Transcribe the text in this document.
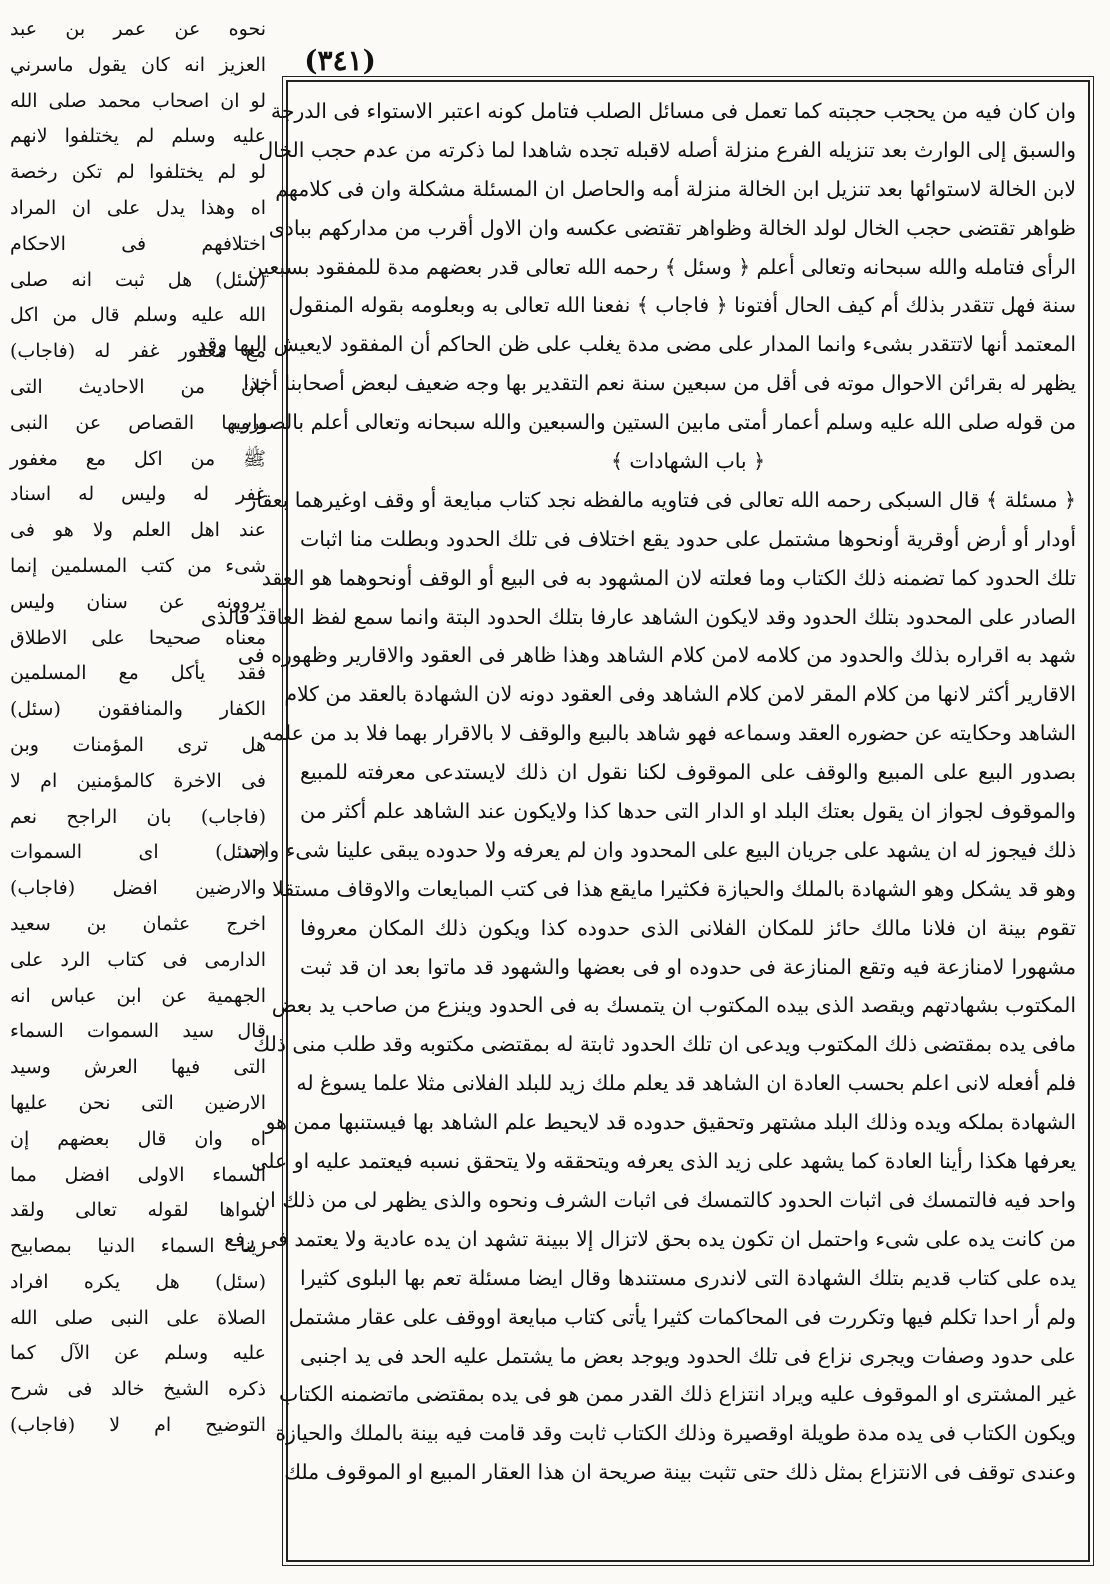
(٣٤١)
وان كان فيه من يحجب حجبته كما تعمل فى مسائل الصلب فتامل كونه اعتبر الاستواء فى الدرجة
والسبق إلى الوارث بعد تنزيله الفرع منزلة أصله لاقبله تجده شاهدا لما ذكرته من عدم حجب الخال
لابن الخالة لاستوائها بعد تنزيل ابن الخالة منزلة أمه والحاصل ان المسئلة مشكلة وان فى كلامهم
ظواهر تقتضى حجب الخال لولد الخالة وظواهر تقتضى عكسه وان الاول أقرب من مداركهم ببادى
الرأى فتامله والله سبحانه وتعالى أعلم ﴿ وسئل ﴾ رحمه الله تعالى قدر بعضهم مدة للمفقود بسبعين
سنة فهل تتقدر بذلك أم كيف الحال أفتونا ﴿ فاجاب ﴾ نفعنا الله تعالى به وبعلومه بقوله المنقول
المعتمد أنها لاتتقدر بشىء وانما المدار على مضى مدة يغلب على ظن الحاكم أن المفقود لايعيش اليها وقد
يظهر له بقرائن الاحوال موته فى أقل من سبعين سنة نعم التقدير بها وجه ضعيف لبعض أصحابنا أخذا
من قوله صلى الله عليه وسلم أعمار أمتى مابين الستين والسبعين والله سبحانه وتعالى أعلم بالصواب
﴿ باب الشهادات ﴾
﴿ مسئلة ﴾ قال السبكى رحمه الله تعالى فى فتاويه مالفظه نجد كتاب مبايعة أو وقف اوغيرهما بعقار
أودار أو أرض أوقرية أونحوها مشتمل على حدود يقع اختلاف فى تلك الحدود وبطلت منا اثبات
تلك الحدود كما تضمنه ذلك الكتاب وما فعلته لان المشهود به فى البيع أو الوقف أونحوهما هو العقد
الصادر على المحدود بتلك الحدود وقد لايكون الشاهد عارفا بتلك الحدود البتة وانما سمع لفظ العاقد فالذى
شهد به اقراره بذلك والحدود من كلامه لامن كلام الشاهد وهذا ظاهر فى العقود والاقارير وظهوره فى
الاقارير أكثر لانها من كلام المقر لامن كلام الشاهد وفى العقود دونه لان الشهادة بالعقد من كلام
الشاهد وحكايته عن حضوره العقد وسماعه فهو شاهد بالبيع والوقف لا بالاقرار بهما فلا بد من علمه
بصدور البيع على المبيع والوقف على الموقوف لكنا نقول ان ذلك لايستدعى معرفته للمبيع
والموقوف لجواز ان يقول بعتك البلد او الدار التى حدها كذا ولايكون عند الشاهد علم أكثر من
ذلك فيجوز له ان يشهد على جريان البيع على المحدود وان لم يعرفه ولا حدوده يبقى علينا شىء واحد
وهو قد يشكل وهو الشهادة بالملك والحيازة فكثيرا مايقع هذا فى كتب المبايعات والاوقاف مستقلا
تقوم بينة ان فلانا مالك حائز للمكان الفلانى الذى حدوده كذا ويكون ذلك المكان معروفا
مشهورا لامنازعة فيه وتقع المنازعة فى حدوده او فى بعضها والشهود قد ماتوا بعد ان قد ثبت
المكتوب بشهادتهم ويقصد الذى بيده المكتوب ان يتمسك به فى الحدود وينزع من صاحب يد بعض
مافى يده بمقتضى ذلك المكتوب ويدعى ان تلك الحدود ثابتة له بمقتضى مكتوبه وقد طلب منى ذلك
فلم أفعله لانى اعلم بحسب العادة ان الشاهد قد يعلم ملك زيد للبلد الفلانى مثلا علما يسوغ له
الشهادة بملكه ويده وذلك البلد مشتهر وتحقيق حدوده قد لايحيط علم الشاهد بها فيستنبها ممن هو
يعرفها هكذا رأينا العادة كما يشهد على زيد الذى يعرفه ويتحققه ولا يتحقق نسبه فيعتمد عليه او على
واحد فيه فالتمسك فى اثبات الحدود كالتمسك فى اثبات الشرف ونحوه والذى يظهر لى من ذلك ان
من كانت يده على شىء واحتمل ان تكون يده بحق لاتزال إلا ببينة تشهد ان يده عادية ولا يعتمد فى رفع
يده على كتاب قديم بتلك الشهادة التى لاندرى مستندها وقال ايضا مسئلة تعم بها البلوى كثيرا
ولم أر احدا تكلم فيها وتكررت فى المحاكمات كثيرا يأتى كتاب مبايعة اووقف على عقار مشتمل
على حدود وصفات ويجرى نزاع فى تلك الحدود ويوجد بعض ما يشتمل عليه الحد فى يد اجنبى
غير المشترى او الموقوف عليه ويراد انتزاع ذلك القدر ممن هو فى يده بمقتضى ماتضمنه الكتاب
ويكون الكتاب فى يده مدة طويلة اوقصيرة وذلك الكتاب ثابت وقد قامت فيه بينة بالملك والحيازة
وعندى توقف فى الانتزاع بمثل ذلك حتى تثبت بينة صريحة ان هذا العقار المبيع او الموقوف ملك
نحوه عن عمر بن عبد
العزيز انه كان يقول ماسرني
لو ان اصحاب محمد صلى الله
عليه وسلم لم يختلفوا لانهم
لو لم يختلفوا لم تكن رخصة
اه وهذا يدل على ان المراد
اختلافهم فى الاحكام
(سئل) هل ثبت انه صلى
الله عليه وسلم قال من اكل
مع مغفور غفر له (فاجاب)
بان من الاحاديث التى
يرويها القصاص عن النبى
ﷺ من اكل مع مغفور
غفر له وليس له اسناد
عند اهل العلم ولا هو فى
شىء من كتب المسلمين إنما
يروونه عن سنان وليس
معناه صحيحا على الاطلاق
فقد يأكل مع المسلمين
الكفار والمنافقون (سئل)
هل ترى المؤمنات وبن
فى الاخرة كالمؤمنين ام لا
(فاجاب) بان الراجح نعم
(سئل) اى السموات
والارضين افضل (فاجاب)
اخرج عثمان بن سعيد
الدارمى فى كتاب الرد على
الجهمية عن ابن عباس انه
قال سيد السموات السماء
التى فيها العرش وسيد
الارضين التى نحن عليها
اه وان قال بعضهم إن
السماء الاولى افضل مما
سواها لقوله تعالى ولقد
زينا السماء الدنيا بمصابيح
(سئل) هل يكره افراد
الصلاة على النبى صلى الله
عليه وسلم عن الآل كما
ذكره الشيخ خالد فى شرح
التوضيح ام لا (فاجاب)
